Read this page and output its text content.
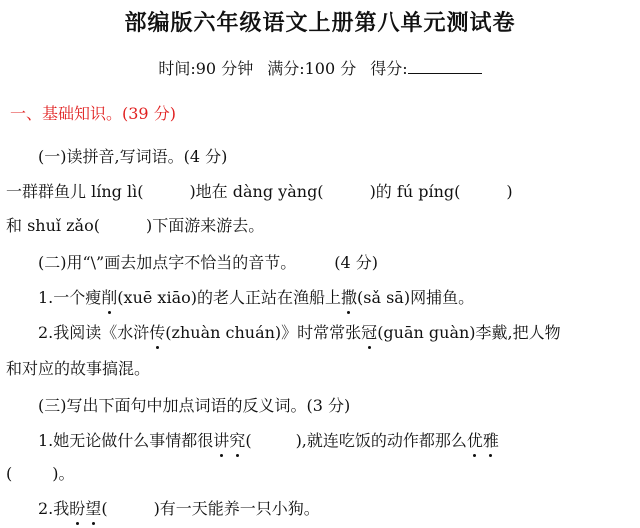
部编版六年级语文上册第八单元测试卷
时间:90 分钟 满分:100 分 得分:
一、基础知识。(39 分)
(一)读拼音,写词语。(4 分)
一群群鱼儿 líng lì(	)地在 dàng yàng(	)的 fú píng(	)
和 shuǐ zǎo(	)下面游来游去。
(二)用“\”画去加点字不恰当的音节。 (4 分)
1.一个瘦削(xuē xiāo)的老人正站在渔船上撒(sǎ sā)网捕鱼。
2.我阅读《水浒传(zhuàn chuán)》时常常张冠(guān guàn)李戴,把人物
和对应的故事搞混。
(三)写出下面句中加点词语的反义词。(3 分)
1.她无论做什么事情都很讲究(	),就连吃饭的动作都那么优雅
(	)。
2.我盼望(	)有一天能养一只小狗。
